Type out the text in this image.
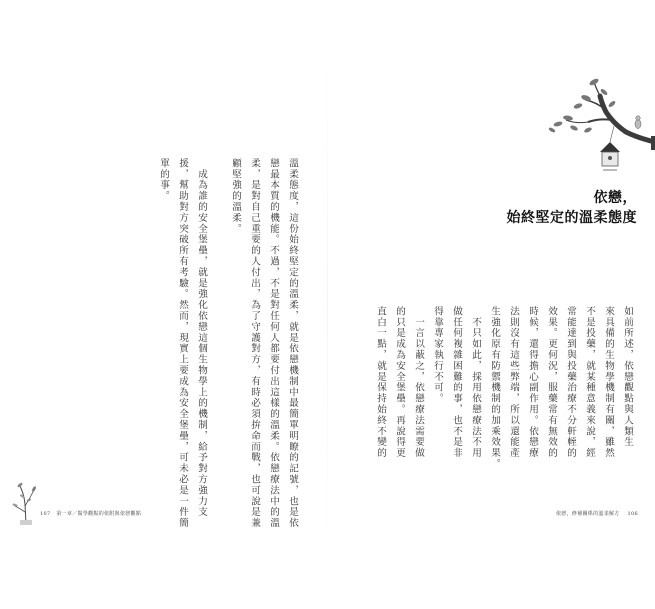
溫柔態度，這份始終堅定的溫柔，就是依戀機制中最簡單明瞭的記號，也是依
戀最本質的機能。不過，不是對任何人都要付出這樣的溫柔。依戀療法中的溫
柔，是對自己重要的人付出，為了守護對方，有時必須拚命而戰，也可說是兼
顧堅強的溫柔。
　成為誰的安全堡壘，就是強化依戀這個生物學上的機制，給予對方強力支
援，幫助對方突破所有考驗。然而，現實上要成為安全堡壘，可未必是一件簡
單的事。
107 第一章／醫學觀點的依附與依戀觀點
依戀，
始終堅定的溫柔態度
如前所述，依戀觀點與人類生
來具備的生物學機制有關，雖然
不是投藥，就某種意義來說，經
常能達到與投藥治療不分軒輊的
效果。更何況，服藥常有無效的
時候，還得擔心副作用。依戀療
法則沒有這些弊端，所以還能產
生強化原有防禦機制的加乘效果。
　不只如此，採用依戀療法不用
做任何複雜困難的事，也不是非
得靠專家執行不可。
　一言以蔽之，依戀療法需要做
的只是成為安全堡壘。再說得更
直白一點，就是保持始終不變的
依戀，修補關係的溫柔解方 106
